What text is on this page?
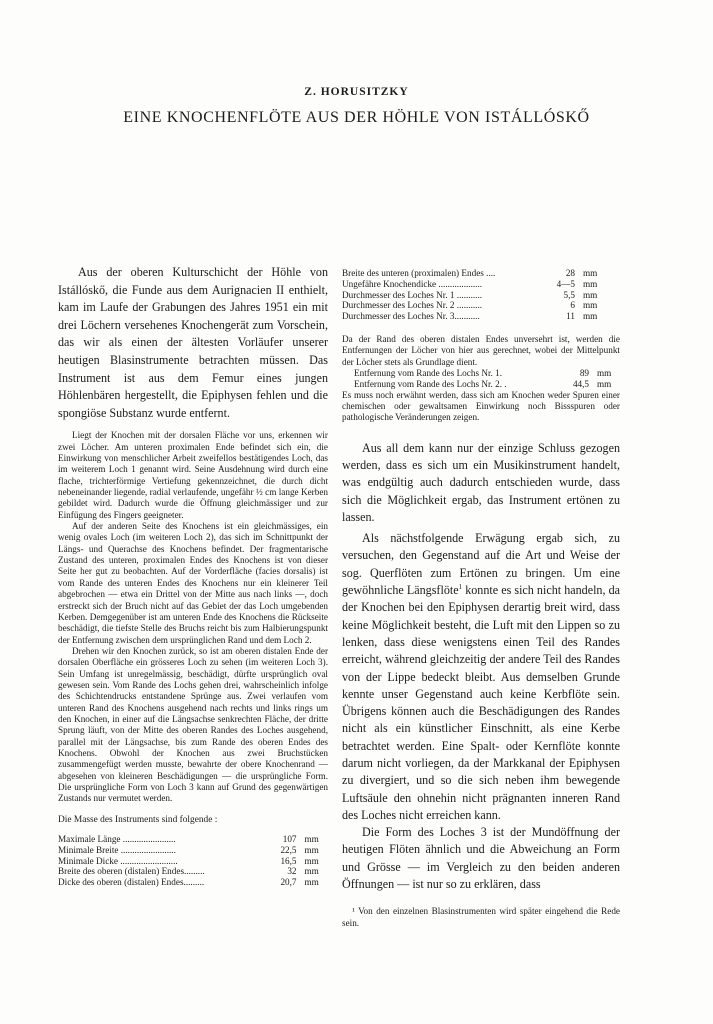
Z. HORUSITZKY
EINE KNOCHENFLÖTE AUS DER HÖHLE VON ISTÁLLÓSKŐ

Aus der oberen Kulturschicht der Höhle von Istállóskő, die Funde aus dem Aurignacien II enthielt, kam im Laufe der Grabungen des Jahres 1951 ein mit drei Löchern versehenes Knochengerät zum Vorschein, das wir als einen der ältesten Vorläufer unserer heutigen Blasinstrumente betrachten müssen. Das Instrument ist aus dem Femur eines jungen Höhlenbären hergestellt, die Epiphysen fehlen und die spongiöse Substanz wurde entfernt.

Liegt der Knochen mit der dorsalen Fläche vor uns, erkennen wir zwei Löcher. Am unteren proximalen Ende befindet sich ein, die Einwirkung von menschlicher Arbeit zweifellos bestätigendes Loch, das im weiterem Loch 1 genannt wird. Seine Ausdehnung wird durch eine flache, trichterförmige Vertiefung gekennzeichnet, die durch dicht nebeneinander liegende, radial verlaufende, ungefähr ½ cm lange Kerben gebildet wird. Dadurch wurde die Öffnung gleichmässiger und zur Einfügung des Fingers geeigneter.

Auf der anderen Seite des Knochens ist ein gleichmässiges, ein wenig ovales Loch (im weiteren Loch 2), das sich im Schnittpunkt der Längs- und Querachse des Knochens befindet. Der fragmentarische Zustand des unteren, proximalen Endes des Knochens ist von dieser Seite her gut zu beobachten. Auf der Vorderfläche (facies dorsalis) ist vom Rande des unteren Endes des Knochens nur ein kleinerer Teil abgebrochen — etwa ein Drittel von der Mitte aus nach links —, doch erstreckt sich der Bruch nicht auf das Gebiet der das Loch umgebenden Kerben. Demgegenüber ist am unteren Ende des Knochens die Rückseite beschädigt, die tiefste Stelle des Bruchs reicht bis zum Halbierungspunkt der Entfernung zwischen dem ursprünglichen Rand und dem Loch 2.

Drehen wir den Knochen zurück, so ist am oberen distalen Ende der dorsalen Oberfläche ein grösseres Loch zu sehen (im weiteren Loch 3). Sein Umfang ist unregelmässig, beschädigt, dürfte ursprünglich oval gewesen sein. Vom Rande des Lochs gehen drei, wahrscheinlich infolge des Schichtendrucks entstandene Sprünge aus. Zwei verlaufen vom unteren Rand des Knochens ausgehend nach rechts und links rings um den Knochen, in einer auf die Längsachse senkrechten Fläche, der dritte Sprung läuft, von der Mitte des oberen Randes des Loches ausgehend, parallel mit der Längsachse, bis zum Rande des oberen Endes des Knochens. Obwohl der Knochen aus zwei Bruchstücken zusammengefügt werden musste, bewahrte der obere Knochenrand — abgesehen von kleineren Beschädigungen — die ursprüngliche Form. Die ursprüngliche Form von Loch 3 kann auf Grund des gegenwärtigen Zustands nur vermutet werden.

Die Masse des Instruments sind folgende :

Maximale Länge .......................	107	mm
Minimale Breite ........................	22,5	mm
Minimale Dicke .........................	16,5	mm
Breite des oberen (distalen) Endes.........	32	mm
Dicke des oberen (distalen) Endes.........	20,7	mm
Breite des unteren (proximalen) Endes ....	28	mm
Ungefähre Knochendicke ...................	4—5	mm
Durchmesser des Loches Nr. 1 ...........	5,5	mm
Durchmesser des Loches Nr. 2 ...........	6	mm
Durchmesser des Loches Nr. 3...........	11	mm

Da der Rand des oberen distalen Endes unversehrt ist, werden die Entfernungen der Löcher von hier aus gerechnet, wobei der Mittelpunkt der Löcher stets als Grundlage dient.

Entfernung vom Rande des Lochs Nr. 1.	89	mm
Entfernung vom Rande des Lochs Nr. 2. .	44,5	mm

Es muss noch erwähnt werden, dass sich am Knochen weder Spuren einer chemischen oder gewaltsamen Einwirkung noch Bissspuren oder pathologische Veränderungen zeigen.

Aus all dem kann nur der einzige Schluss gezogen werden, dass es sich um ein Musikinstrument handelt, was endgültig auch dadurch entschieden wurde, dass sich die Möglichkeit ergab, das Instrument ertönen zu lassen.

Als nächstfolgende Erwägung ergab sich, zu versuchen, den Gegenstand auf die Art und Weise der sog. Querflöten zum Ertönen zu bringen. Um eine gewöhnliche Längsflöte$^1$ konnte es sich nicht handeln, da der Knochen bei den Epiphysen derartig breit wird, dass keine Möglichkeit besteht, die Luft mit den Lippen so zu lenken, dass diese wenigstens einen Teil des Randes erreicht, während gleichzeitig der andere Teil des Randes von der Lippe bedeckt bleibt. Aus demselben Grunde kennte unser Gegenstand auch keine Kerbflöte sein. Übrigens können auch die Beschädigungen des Randes nicht als ein künstlicher Einschnitt, als eine Kerbe betrachtet werden. Eine Spalt- oder Kernflöte konnte darum nicht vorliegen, da der Markkanal der Epiphysen zu divergiert, und so die sich neben ihm bewegende Luftsäule den ohnehin nicht prägnanten inneren Rand des Loches nicht erreichen kann.

Die Form des Loches 3 ist der Mundöffnung der heutigen Flöten ähnlich und die Abweichung an Form und Grösse — im Vergleich zu den beiden anderen Öffnungen — ist nur so zu erklären, dass

¹ Von den einzelnen Blasinstrumenten wird später eingehend die Rede sein.
